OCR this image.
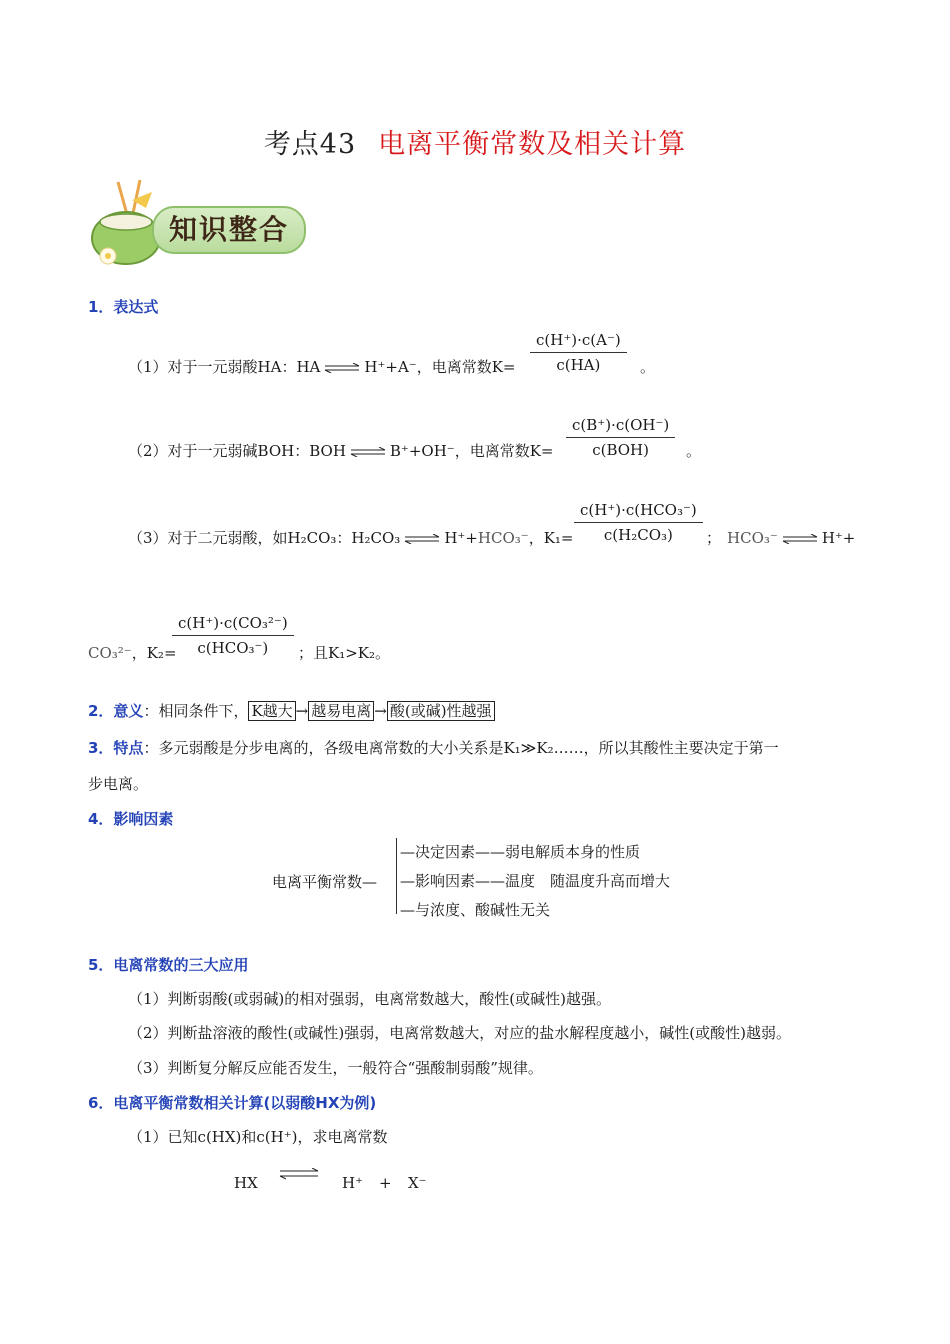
考点43 电离平衡常数及相关计算
知识整合
1．表达式
（1）对于一元弱酸HA：HA ⇌ H⁺+A⁻，电离常数$K= \frac{c(H^+)\cdot c(A^-)}{c(HA)}$ 。
（2）对于一元弱碱BOH：BOH ⇌ B⁺+OH⁻，电离常数K=
c(B⁺)·c(OH⁻)
c(BOH)	。
（3）对于二元弱酸，如H₂CO₃：H₂CO₃ ⇌ H⁺+HCO₃⁻，K₁=
c(H⁺)·c(HCO₃⁻)
c(H₂CO₃)	； HCO₃⁻ ⇌ H⁺+
CO₃²⁻，K₂=
c(H⁺)·c(CO₃²⁻)
c(HCO₃⁻)	；且K₁>K₂。
2．意义：相同条件下， K越大 → 越易电离 → 酸(或碱)性越强
3．特点：多元弱酸是分步电离的，各级电离常数的大小关系是K₁≫K₂……，所以其酸性主要决定于第一
步电离。
4．影响因素
电离平衡常数—
—决定因素——弱电解质本身的性质
—影响因素——温度　随温度升高而增大
—与浓度、酸碱性无关
5．电离常数的三大应用
（1）判断弱酸(或弱碱)的相对强弱，电离常数越大，酸性(或碱性)越强。
（2）判断盐溶液的酸性(或碱性)强弱，电离常数越大，对应的盐水解程度越小，碱性(或酸性)越弱。
（3）判断复分解反应能否发生，一般符合“强酸制弱酸”规律。
6．电离平衡常数相关计算(以弱酸HX为例)
（1）已知c(HX)和c(H⁺)，求电离常数
HX ⇌ H⁺ + X⁻
